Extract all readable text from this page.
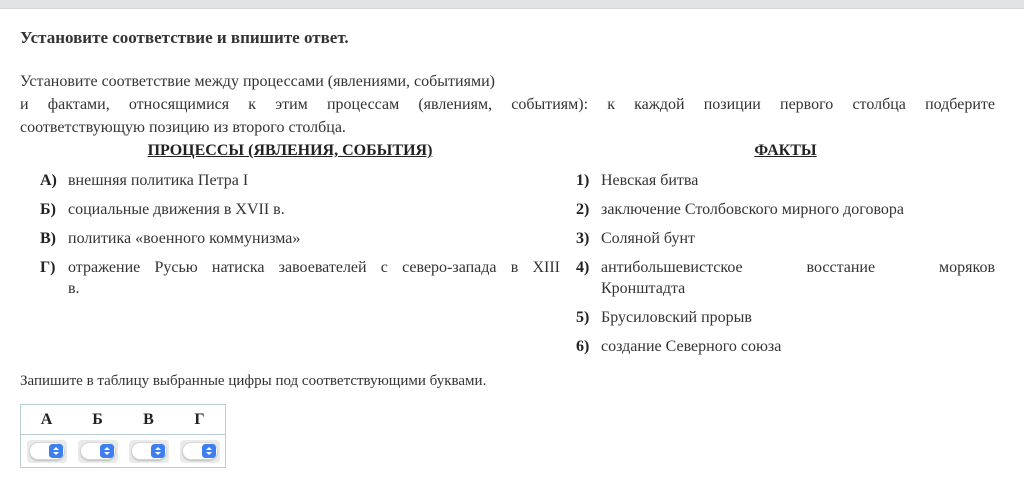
Установите соответствие и впишите ответ.

Установите соответствие между процессами (явлениями, событиями)
и фактами, относящимися к этим процессам (явлениям, событиям): к каждой позиции первого столбца подберите
соответствующую позицию из второго столбца.

ПРОЦЕССЫ (ЯВЛЕНИЯ, СОБЫТИЯ)

А) внешняя политика Петра I
Б) социальные движения в XVII в.
В) политика «военного коммунизма»
Г) отражение Русью натиска завоевателей с северо-запада в XIII
в.

ФАКТЫ

1) Невская битва
2) заключение Столбовского мирного договора
3) Соляной бунт
4) антибольшевистское восстание моряков
Кронштадта
5) Брусиловский прорыв
6) создание Северного союза

Запишите в таблицу выбранные цифры под соответствующими буквами.

А	Б	В	Г
